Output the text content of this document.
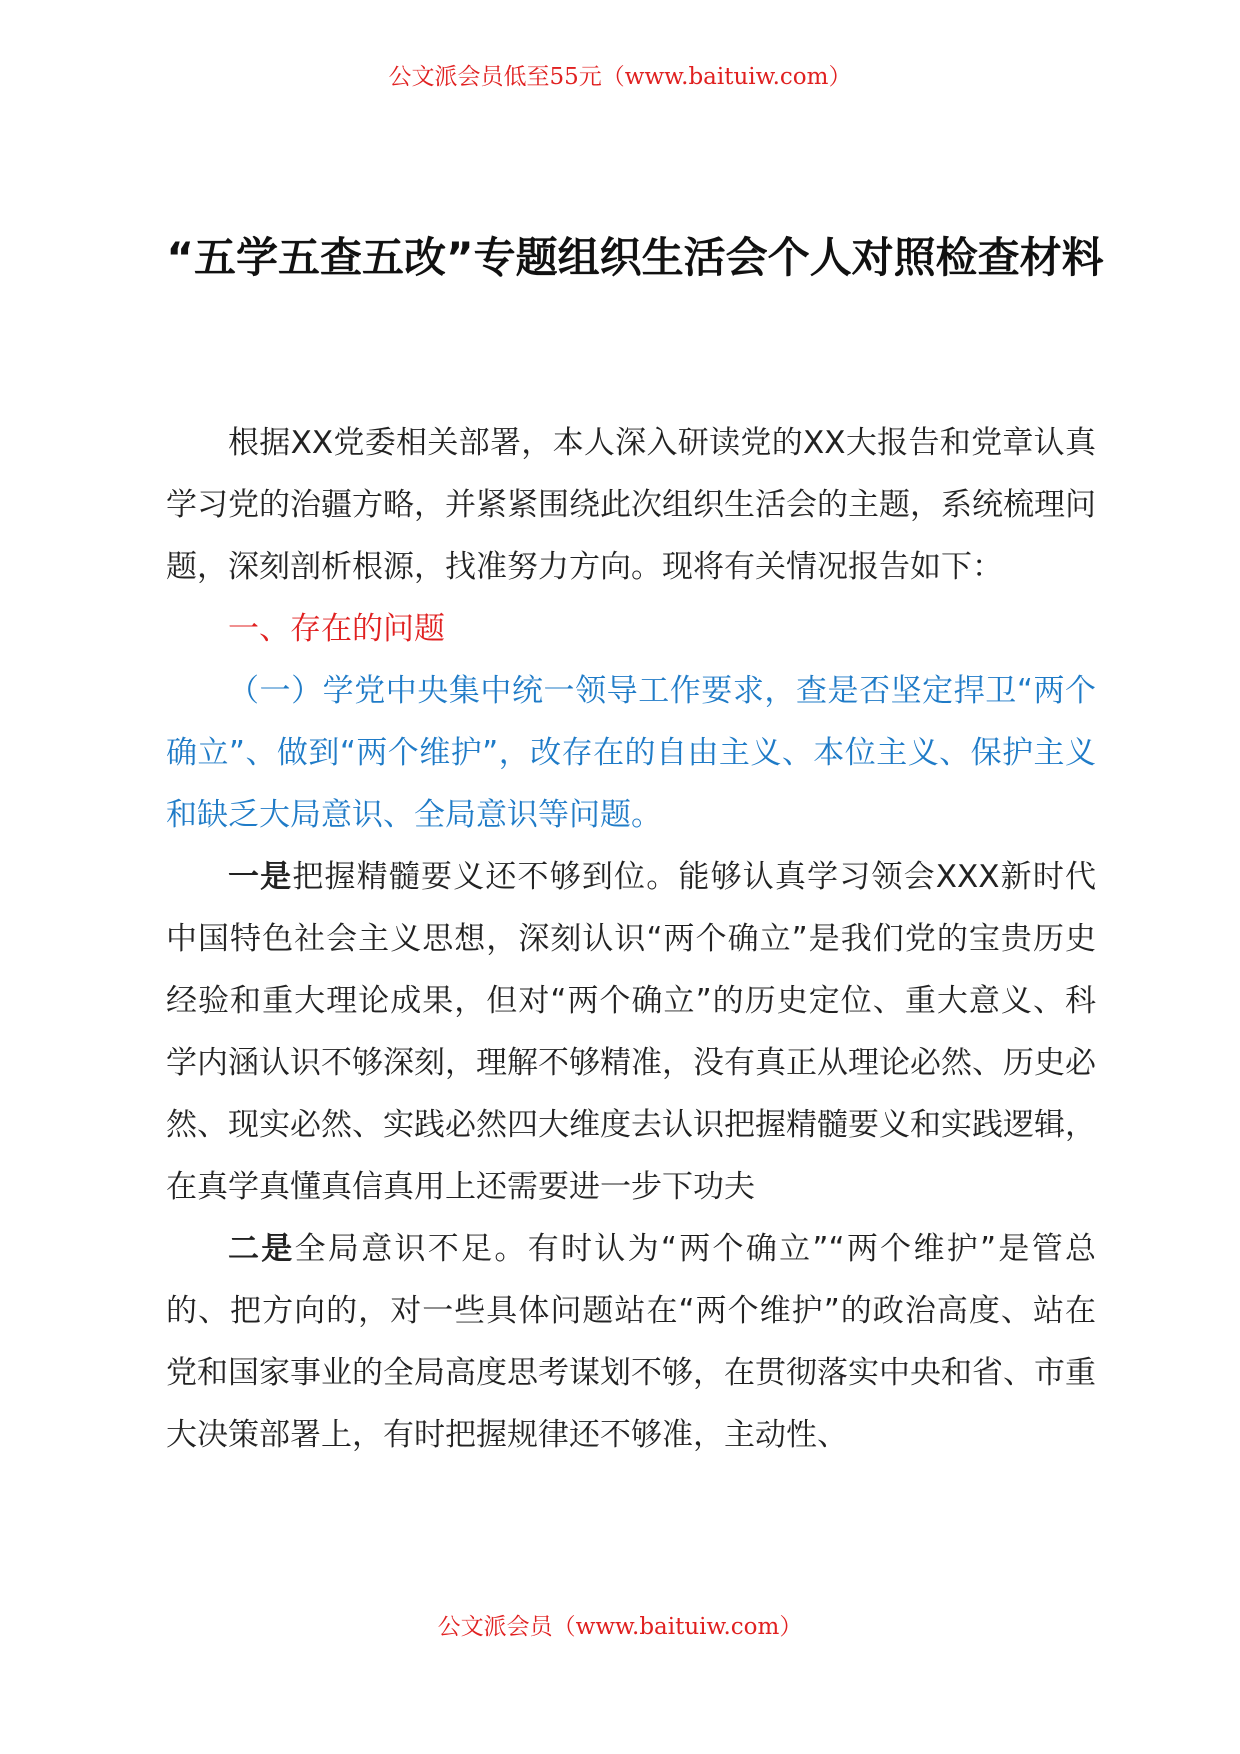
公文派会员低至55元（www.baituiw.com）
“五学五查五改”专题组织生活会个人对照检查材料

根据XX党委相关部署，本人深入研读党的XX大报告和党章认真学习党的治疆方略，并紧紧围绕此次组织生活会的主题，系统梳理问题，深刻剖析根源，找准努力方向。现将有关情况报告如下：

一、存在的问题

（一）学党中央集中统一领导工作要求，查是否坚定捍卫“两个确立”、做到“两个维护”，改存在的自由主义、本位主义、保护主义和缺乏大局意识、全局意识等问题。

一是把握精髓要义还不够到位。能够认真学习领会XXX新时代中国特色社会主义思想，深刻认识“两个确立”是我们党的宝贵历史经验和重大理论成果，但对“两个确立”的历史定位、重大意义、科学内涵认识不够深刻，理解不够精准，没有真正从理论必然、历史必然、现实必然、实践必然四大维度去认识把握精髓要义和实践逻辑，在真学真懂真信真用上还需要进一步下功夫

二是全局意识不足。有时认为“两个确立”“两个维护”是管总的、把方向的，对一些具体问题站在“两个维护”的政治高度、站在党和国家事业的全局高度思考谋划不够，在贯彻落实中央和省、市重大决策部署上，有时把握规律还不够准，主动性、

公文派会员（www.baituiw.com）
